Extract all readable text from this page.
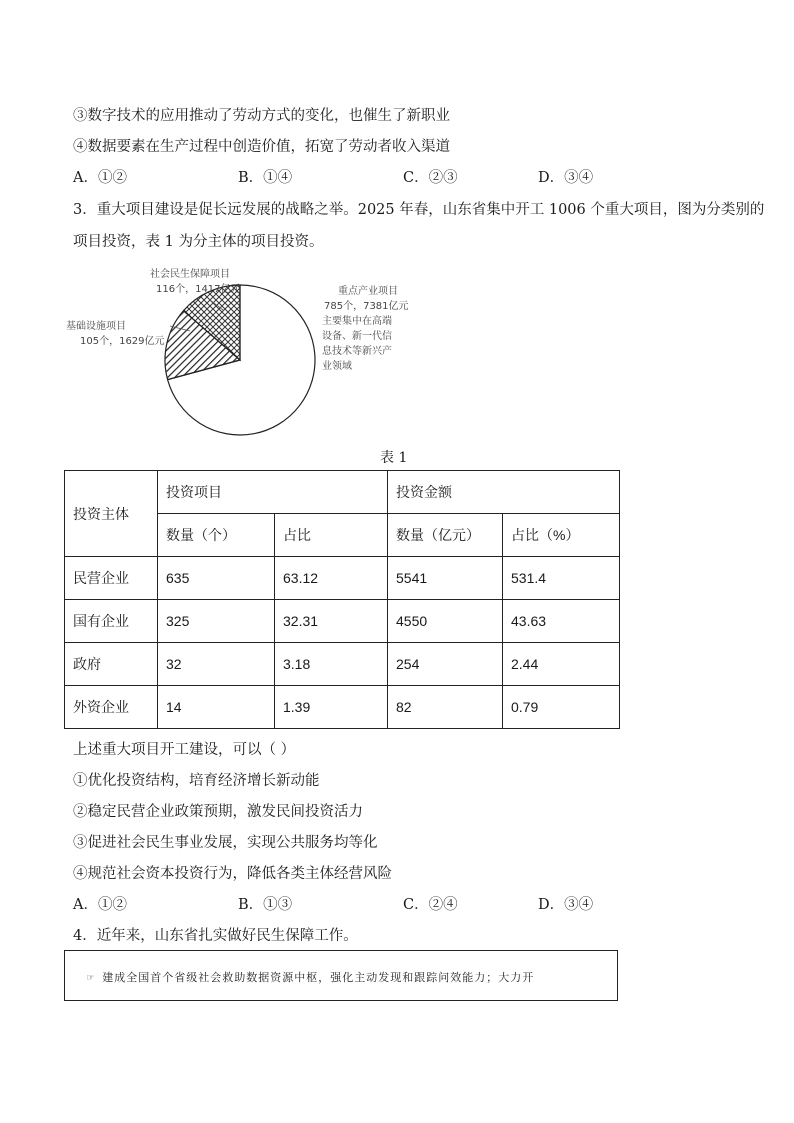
③数字技术的应用推动了劳动方式的变化，也催生了新职业
④数据要素在生产过程中创造价值，拓宽了劳动者收入渠道
A．①②	B．①④	C．②③	D．③④
3．重大项目建设是促长远发展的战略之举。2025 年春，山东省集中开工 1006 个重大项目，图为分类别的
项目投资，表 1 为分主体的项目投资。
社会民生保障项目
116个，1417亿元
基础设施项目
105个，1629亿元
重点产业项目
785个，7381亿元
主要集中在高端
设备、新一代信
息技术等新兴产
业领域
表 1
投资主体	投资项目		投资金额	
	数量（个）	占比	数量（亿元）	占比（%）
民营企业	635	63.12	5541	531.4
国有企业	325	32.31	4550	43.63
政府	32	3.18	254	2.44
外资企业	14	1.39	82	0.79
上述重大项目开工建设，可以（ ）
①优化投资结构，培育经济增长新动能
②稳定民营企业政策预期，激发民间投资活力
③促进社会民生事业发展，实现公共服务均等化
④规范社会资本投资行为，降低各类主体经营风险
A．①②	B．①③	C．②④	D．③④
4．近年来，山东省扎实做好民生保障工作。
☞ 建成全国首个省级社会救助数据资源中枢，强化主动发现和跟踪问效能力；大力开
